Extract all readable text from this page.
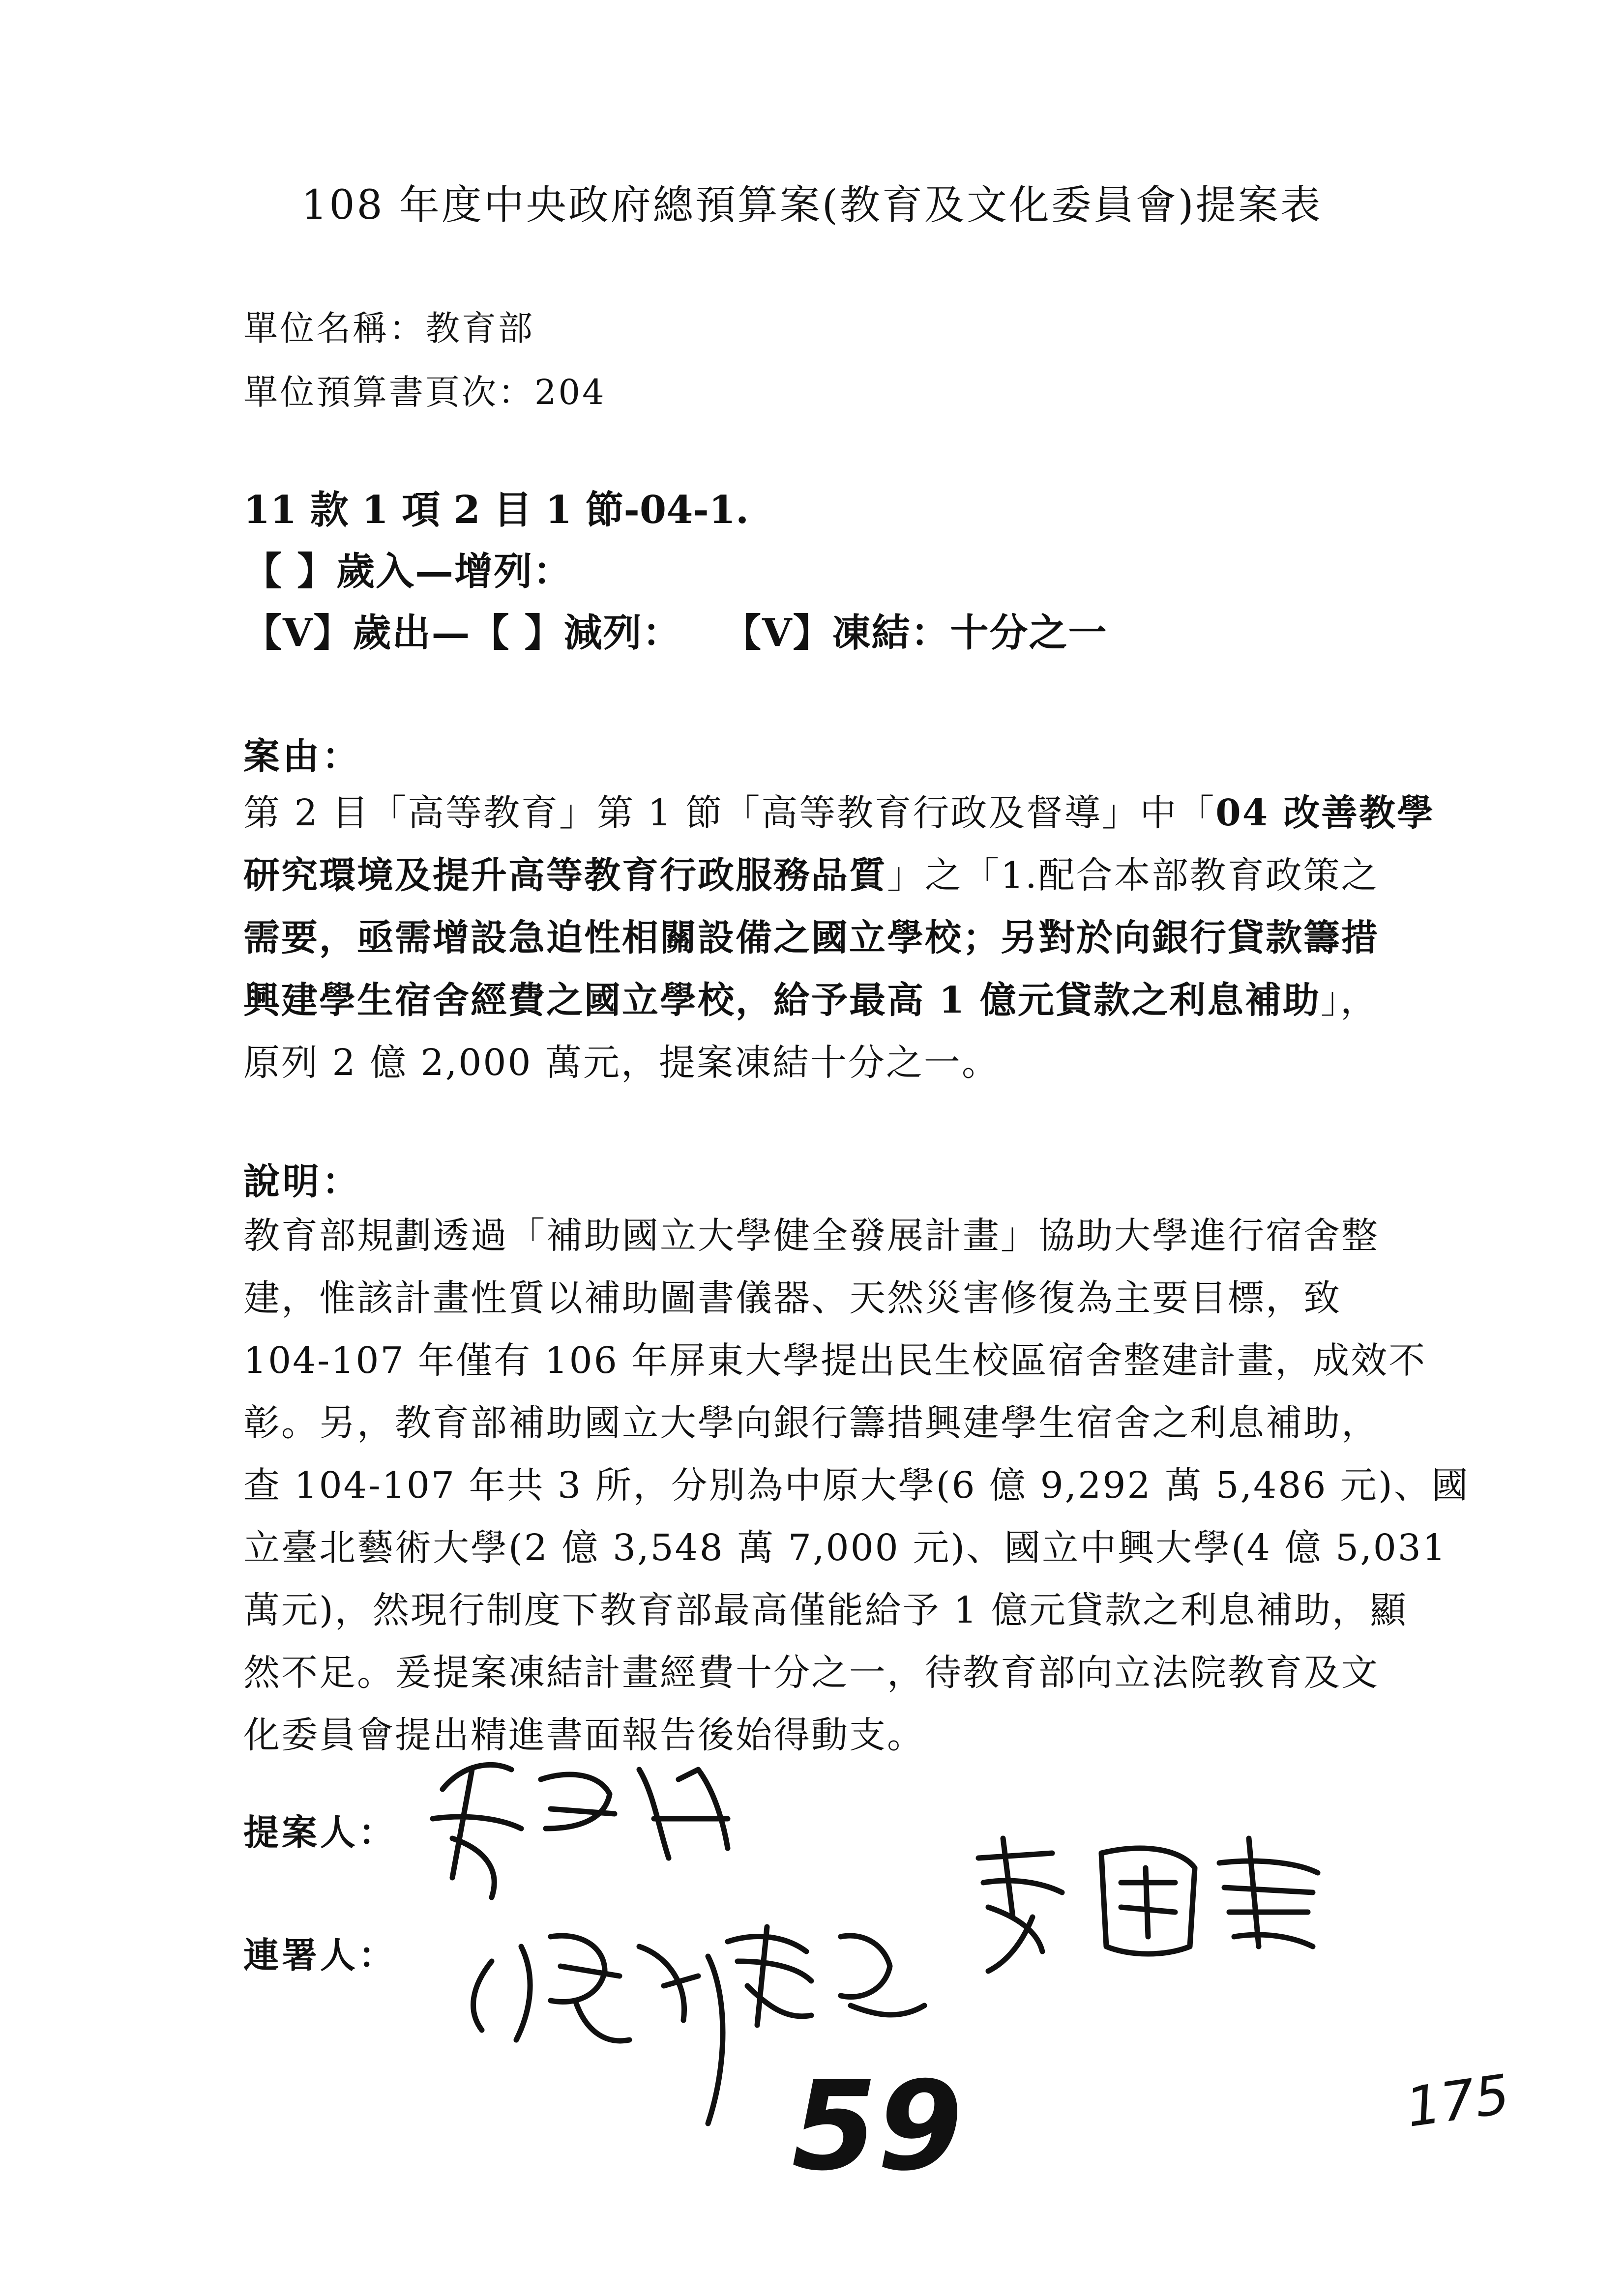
108 年度中央政府總預算案(教育及文化委員會)提案表
單位名稱：教育部
單位預算書頁次：204
11 款 1 項 2 目 1 節-04-1.
【 】歲入—增列：
【V】歲出—【 】減列： 【V】凍結：十分之一
案由：
第 2 目「高等教育」第 1 節「高等教育行政及督導」中「04 改善教學
研究環境及提升高等教育行政服務品質」之「1.配合本部教育政策之
需要，亟需增設急迫性相關設備之國立學校；另對於向銀行貸款籌措
興建學生宿舍經費之國立學校，給予最高 1 億元貸款之利息補助」，
原列 2 億 2,000 萬元，提案凍結十分之一。
說明：
教育部規劃透過「補助國立大學健全發展計畫」協助大學進行宿舍整
建，惟該計畫性質以補助圖書儀器、天然災害修復為主要目標，致
104-107 年僅有 106 年屏東大學提出民生校區宿舍整建計畫，成效不
彰。另，教育部補助國立大學向銀行籌措興建學生宿舍之利息補助，
查 104-107 年共 3 所，分別為中原大學(6 億 9,292 萬 5,486 元)、國
立臺北藝術大學(2 億 3,548 萬 7,000 元)、國立中興大學(4 億 5,031
萬元)，然現行制度下教育部最高僅能給予 1 億元貸款之利息補助，顯
然不足。爰提案凍結計畫經費十分之一，待教育部向立法院教育及文
化委員會提出精進書面報告後始得動支。
提案人：
連署人：
59	175
